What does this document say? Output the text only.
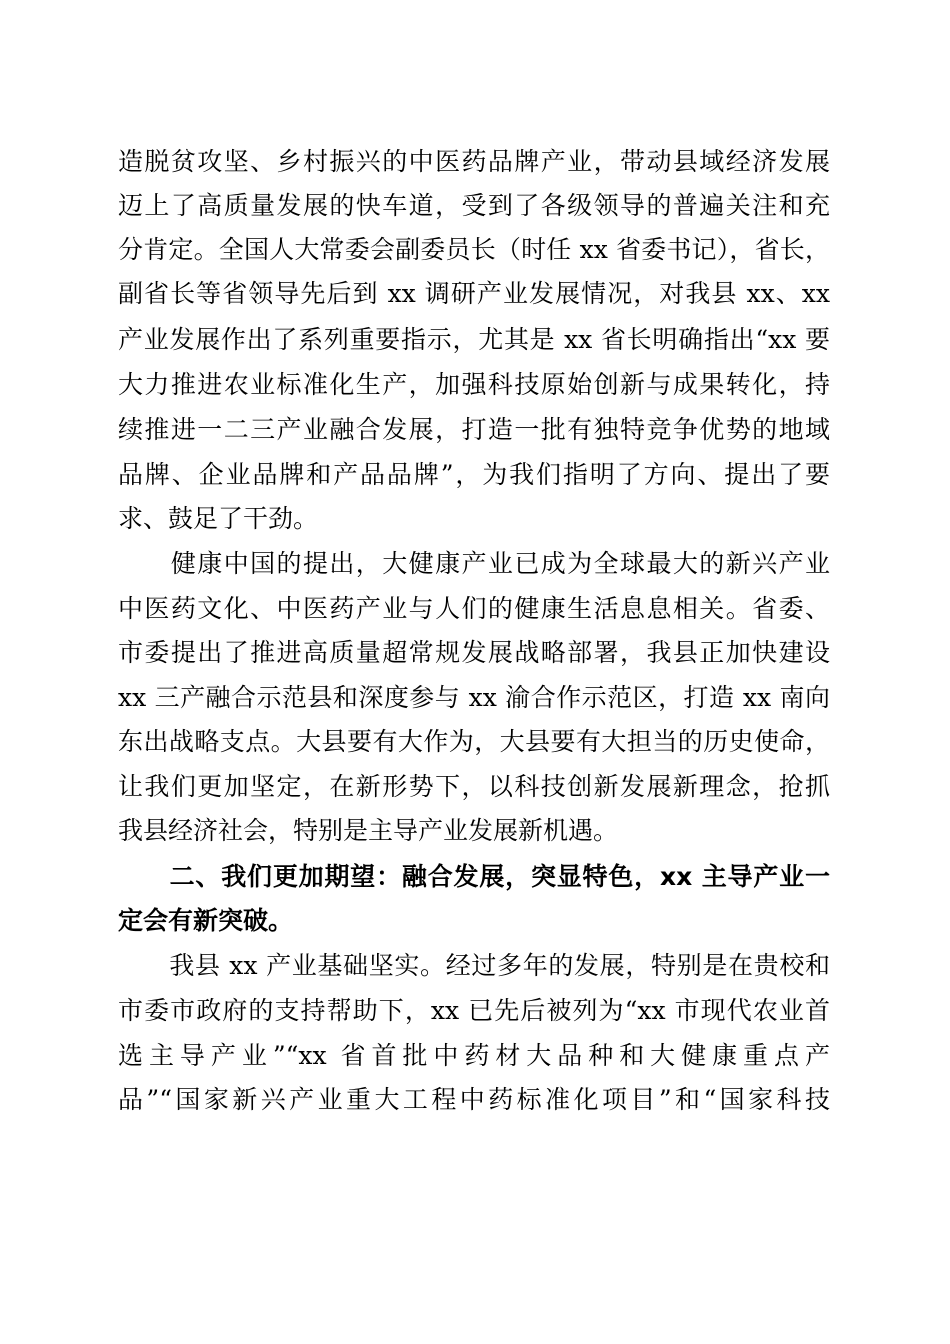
造脱贫攻坚、乡村振兴的中医药品牌产业，带动县域经济发展
迈上了高质量发展的快车道，受到了各级领导的普遍关注和充
分肯定。全国人大常委会副委员长（时任 xx 省委书记），省长，
副省长等省领导先后到 xx 调研产业发展情况，对我县 xx、xx
产业发展作出了系列重要指示，尤其是 xx 省长明确指出“xx 要
大力推进农业标准化生产，加强科技原始创新与成果转化，持
续推进一二三产业融合发展，打造一批有独特竞争优势的地域
品牌、企业品牌和产品品牌”，为我们指明了方向、提出了要
求、鼓足了干劲。
　　健康中国的提出，大健康产业已成为全球最大的新兴产业
中医药文化、中医药产业与人们的健康生活息息相关。省委、
市委提出了推进高质量超常规发展战略部署，我县正加快建设
xx 三产融合示范县和深度参与 xx 渝合作示范区，打造 xx 南向
东出战略支点。大县要有大作为，大县要有大担当的历史使命，
让我们更加坚定，在新形势下，以科技创新发展新理念，抢抓
我县经济社会，特别是主导产业发展新机遇。
　　二、我们更加期望：融合发展，突显特色，xx 主导产业一
定会有新突破。
　　我县 xx 产业基础坚实。经过多年的发展，特别是在贵校和
市委市政府的支持帮助下，xx 已先后被列为“xx 市现代农业首
选主导产业”“xx 省首批中药材大品种和大健康重点产
品”“国家新兴产业重大工程中药标准化项目”和“国家科技
